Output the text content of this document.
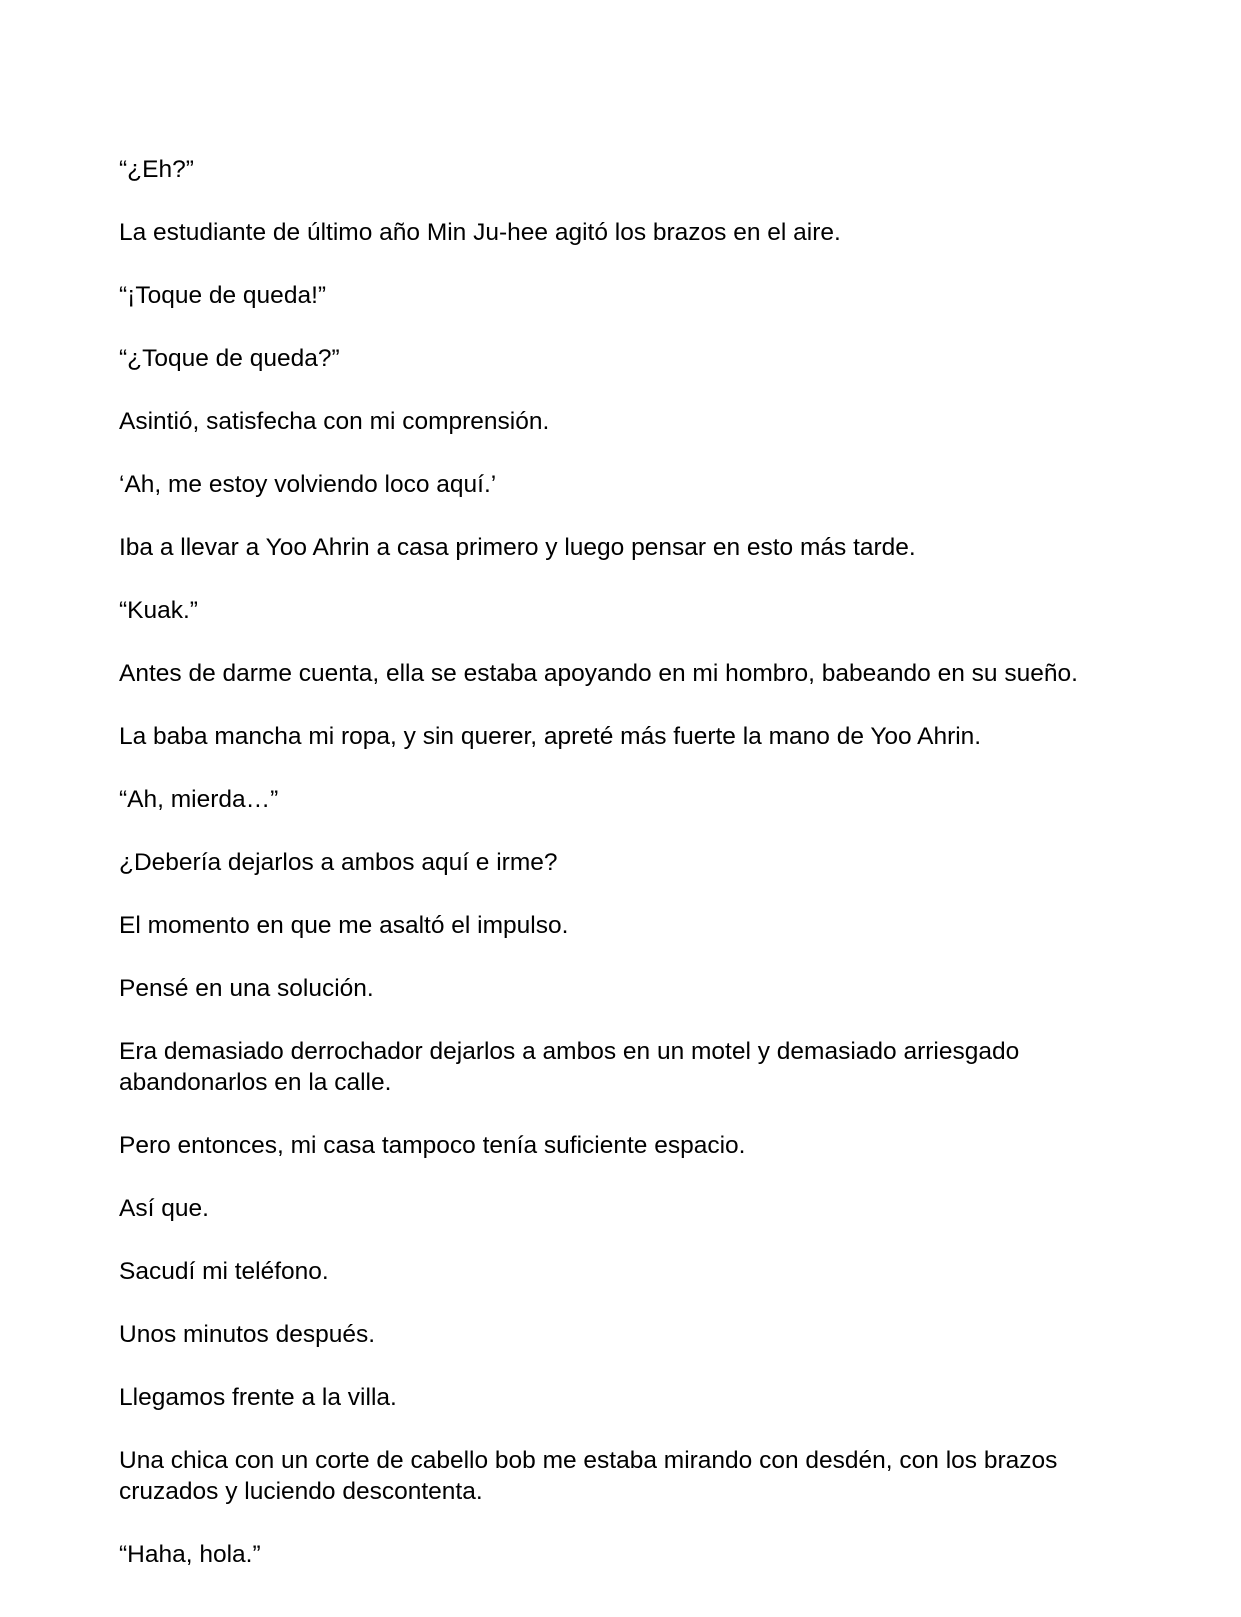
“¿Eh?”

La estudiante de último año Min Ju-hee agitó los brazos en el aire.

“¡Toque de queda!”

“¿Toque de queda?”

Asintió, satisfecha con mi comprensión.

‘Ah, me estoy volviendo loco aquí.’

Iba a llevar a Yoo Ahrin a casa primero y luego pensar en esto más tarde.

“Kuak.”

Antes de darme cuenta, ella se estaba apoyando en mi hombro, babeando en su sueño.

La baba mancha mi ropa, y sin querer, apreté más fuerte la mano de Yoo Ahrin.

“Ah, mierda…”

¿Debería dejarlos a ambos aquí e irme?

El momento en que me asaltó el impulso.

Pensé en una solución.

Era demasiado derrochador dejarlos a ambos en un motel y demasiado arriesgado abandonarlos en la calle.

Pero entonces, mi casa tampoco tenía suficiente espacio.

Así que.

Sacudí mi teléfono.

Unos minutos después.

Llegamos frente a la villa.

Una chica con un corte de cabello bob me estaba mirando con desdén, con los brazos cruzados y luciendo descontenta.

“Haha, hola.”
